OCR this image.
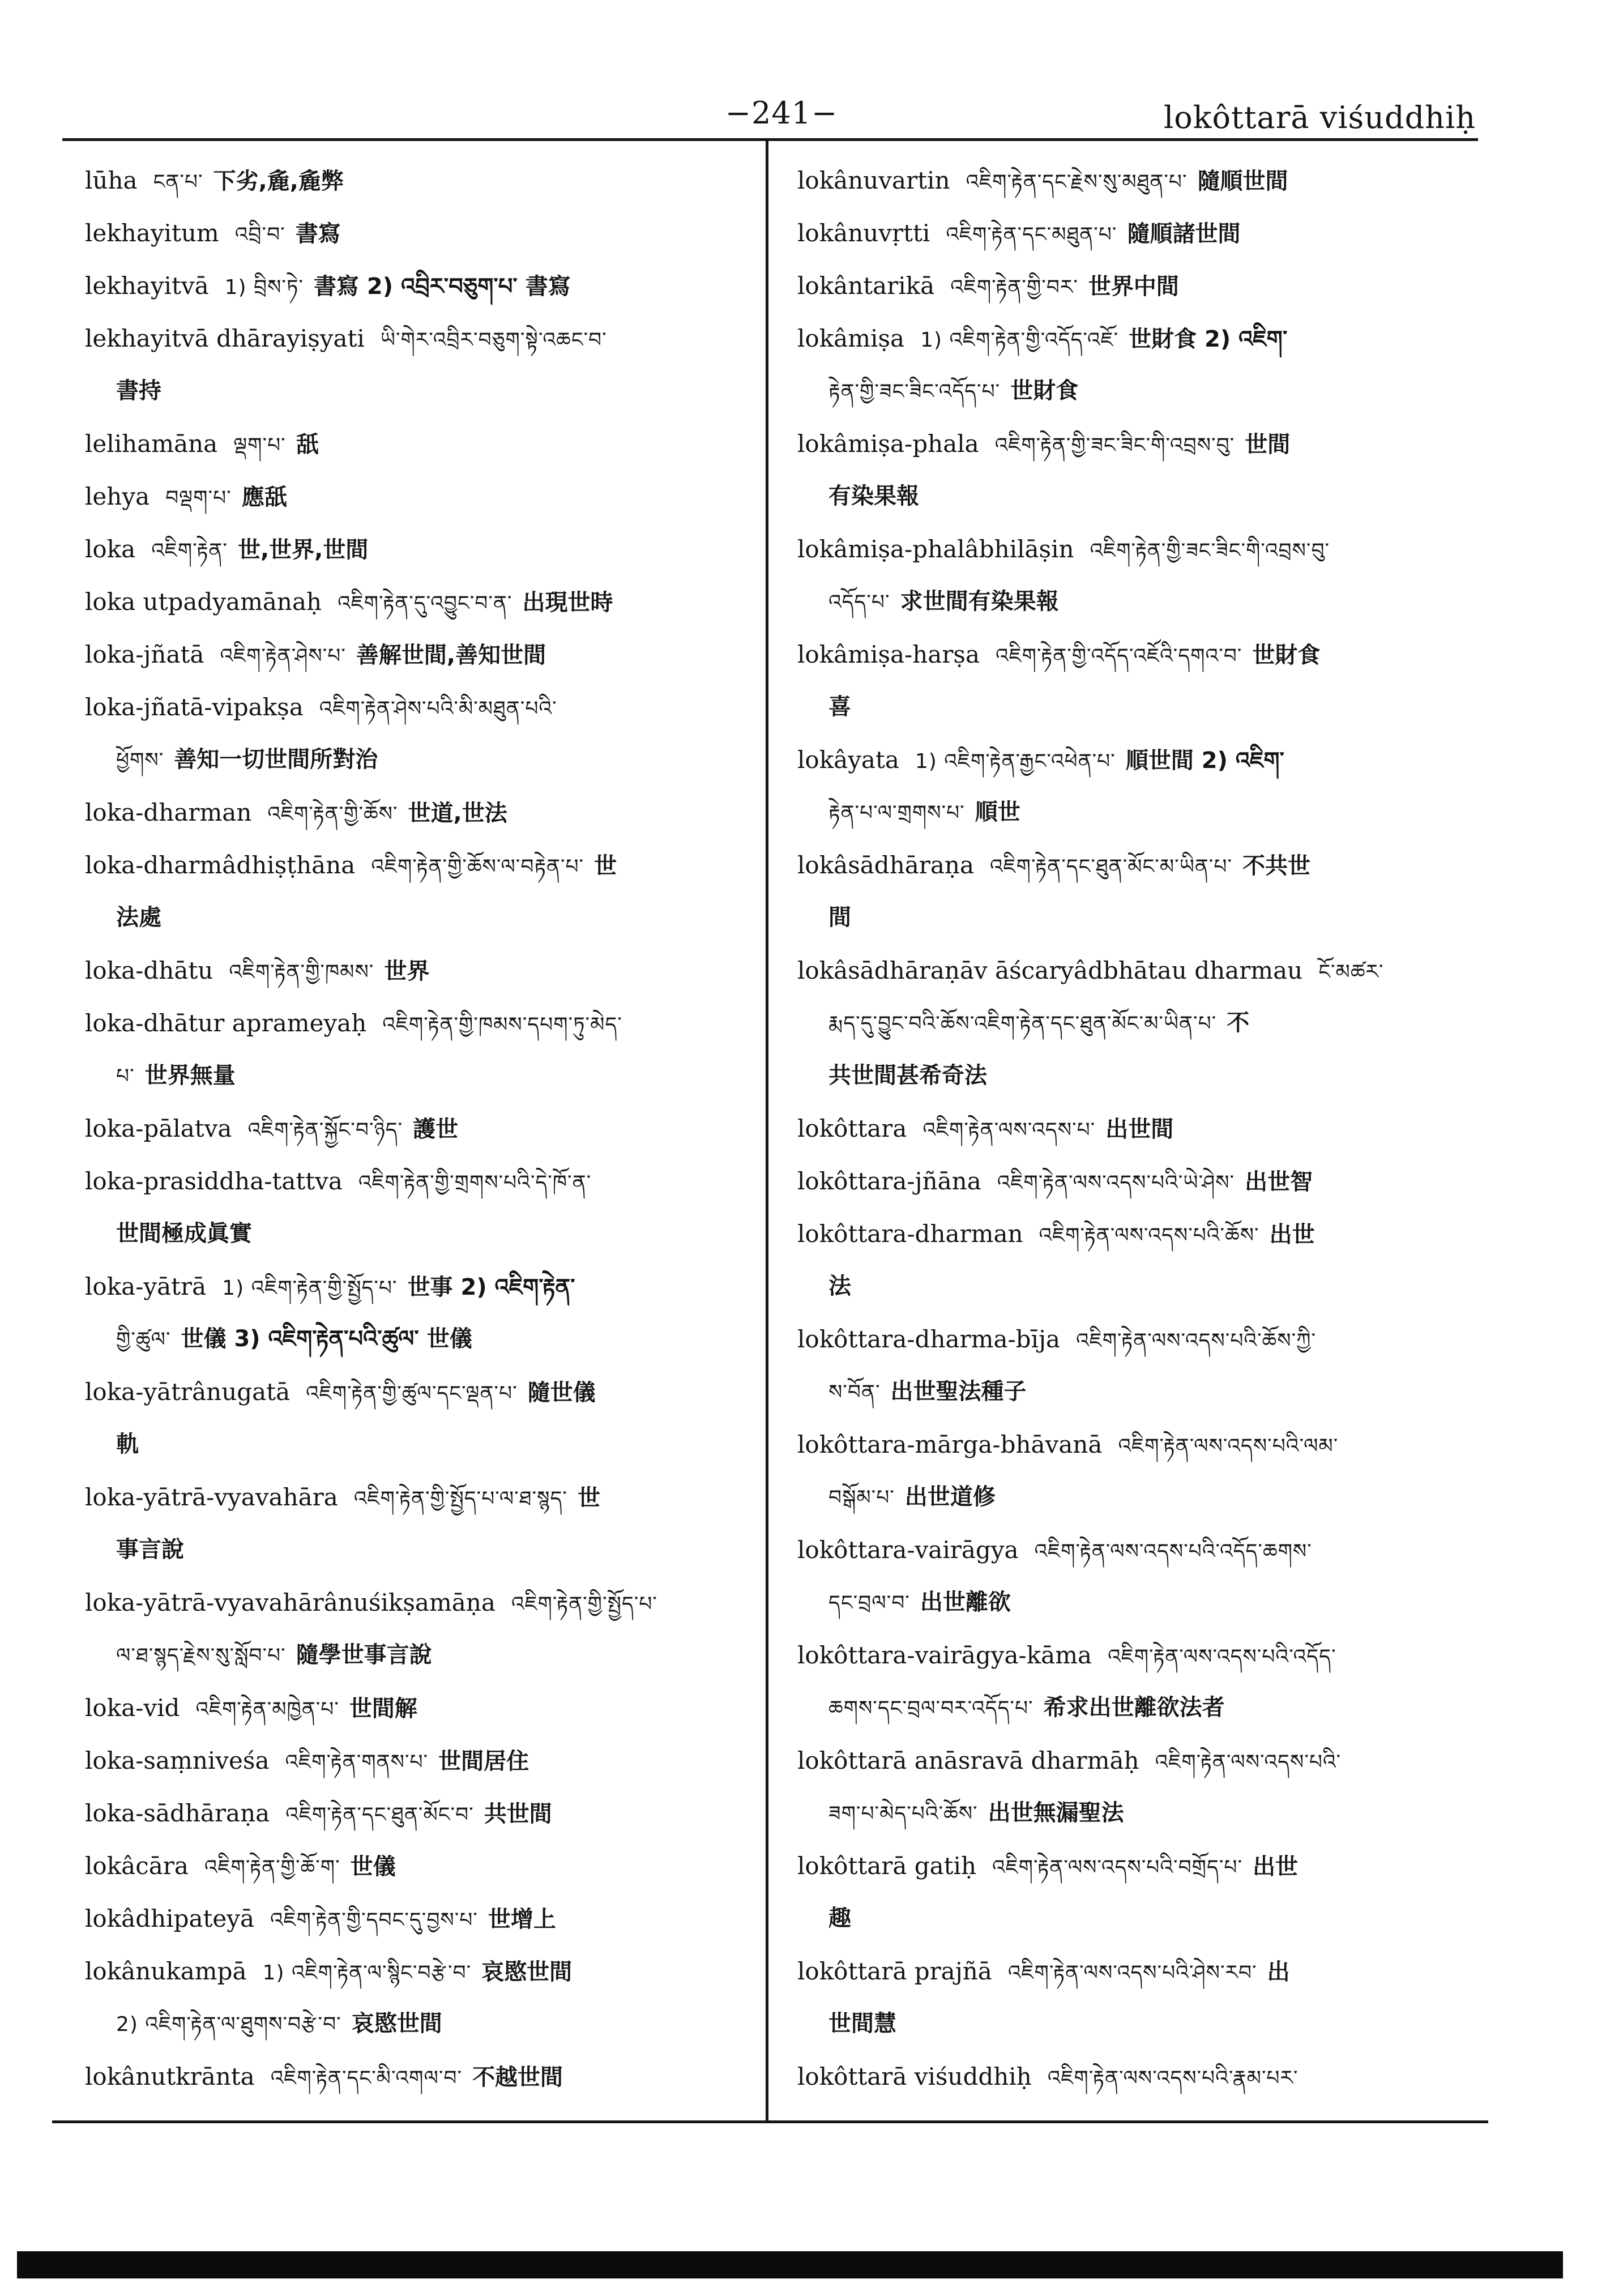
−241−	lokôttarā viśuddhiḥ
lūha ངན་པ་ 下劣,麁,麁弊
lekhayitum འབྲི་བ་ 書寫
lekhayitvā 1) བྲིས་ཏེ་ 書寫 2) འབྲིར་བཅུག་པ་ 書寫
lekhayitvā dhārayiṣyati ཡི་གེར་འབྲིར་བཅུག་སྟེ་འཆང་བ་
書持
lelihamāna ལྡག་པ་ 舐
lehya བལྡག་པ་ 應舐
loka འཇིག་རྟེན་ 世,世界,世間
loka utpadyamānaḥ འཇིག་རྟེན་དུ་འབྱུང་བ་ན་ 出現世時
loka-jñatā འཇིག་རྟེན་ཤེས་པ་ 善解世間,善知世間
loka-jñatā-vipakṣa འཇིག་རྟེན་ཤེས་པའི་མི་མཐུན་པའི་
ཕྱོགས་ 善知一切世間所對治
loka-dharman འཇིག་རྟེན་གྱི་ཆོས་ 世道,世法
loka-dharmâdhiṣṭhāna འཇིག་རྟེན་གྱི་ཆོས་ལ་བརྟེན་པ་ 世
法處
loka-dhātu འཇིག་རྟེན་གྱི་ཁམས་ 世界
loka-dhātur aprameyaḥ འཇིག་རྟེན་གྱི་ཁམས་དཔག་ཏུ་མེད་
པ་ 世界無量
loka-pālatva འཇིག་རྟེན་སྐྱོང་བ་ཉིད་ 護世
loka-prasiddha-tattva འཇིག་རྟེན་གྱི་གྲགས་པའི་དེ་ཁོ་ན་
世間極成眞實
loka-yātrā 1) འཇིག་རྟེན་གྱི་སྤྱོད་པ་ 世事 2) འཇིག་རྟེན་
གྱི་ཚུལ་ 世儀 3) འཇིག་རྟེན་པའི་ཚུལ་ 世儀
loka-yātrânugatā འཇིག་རྟེན་གྱི་ཚུལ་དང་ལྡན་པ་ 隨世儀
軌
loka-yātrā-vyavahāra འཇིག་རྟེན་གྱི་སྤྱོད་པ་ལ་ཐ་སྙད་ 世
事言說
loka-yātrā-vyavahārânuśikṣamāṇa འཇིག་རྟེན་གྱི་སྤྱོད་པ་
ལ་ཐ་སྙད་རྗེས་སུ་སློབ་པ་ 隨學世事言說
loka-vid འཇིག་རྟེན་མཁྱེན་པ་ 世間解
loka-saṃniveśa འཇིག་རྟེན་གནས་པ་ 世間居住
loka-sādhāraṇa འཇིག་རྟེན་དང་ཐུན་མོང་བ་ 共世間
lokâcāra འཇིག་རྟེན་གྱི་ཆོ་ག་ 世儀
lokâdhipateyā འཇིག་རྟེན་གྱི་དབང་དུ་བྱས་པ་ 世增上
lokânukampā 1) འཇིག་རྟེན་ལ་སྙིང་བརྩེ་བ་ 哀愍世間
2) འཇིག་རྟེན་ལ་ཐུགས་བརྩེ་བ་ 哀愍世間
lokânutkrānta འཇིག་རྟེན་དང་མི་འགལ་བ་ 不越世間
lokânuvartin འཇིག་རྟེན་དང་རྗེས་སུ་མཐུན་པ་ 隨順世間
lokânuvṛtti འཇིག་རྟེན་དང་མཐུན་པ་ 隨順諸世間
lokântarikā འཇིག་རྟེན་གྱི་བར་ 世界中間
lokâmiṣa 1) འཇིག་རྟེན་གྱི་འདོད་འཇོ་ 世財食 2) འཇིག་
རྟེན་གྱི་ཟང་ཟིང་འདོད་པ་ 世財食
lokâmiṣa-phala འཇིག་རྟེན་གྱི་ཟང་ཟིང་གི་འབྲས་བུ་ 世間
有染果報
lokâmiṣa-phalâbhilāṣin འཇིག་རྟེན་གྱི་ཟང་ཟིང་གི་འབྲས་བུ་
འདོད་པ་ 求世間有染果報
lokâmiṣa-harṣa འཇིག་རྟེན་གྱི་འདོད་འཇོའི་དགའ་བ་ 世財食
喜
lokâyata 1) འཇིག་རྟེན་རྒྱང་འཕེན་པ་ 順世間 2) འཇིག་
རྟེན་པ་ལ་གྲགས་པ་ 順世
lokâsādhāraṇa འཇིག་རྟེན་དང་ཐུན་མོང་མ་ཡིན་པ་ 不共世
間
lokâsādhāraṇāv āścaryâdbhātau dharmau ངོ་མཚར་
རྨད་དུ་བྱུང་བའི་ཆོས་འཇིག་རྟེན་དང་ཐུན་མོང་མ་ཡིན་པ་ 不
共世間甚希奇法
lokôttara འཇིག་རྟེན་ལས་འདས་པ་ 出世間
lokôttara-jñāna འཇིག་རྟེན་ལས་འདས་པའི་ཡེ་ཤེས་ 出世智
lokôttara-dharman འཇིག་རྟེན་ལས་འདས་པའི་ཆོས་ 出世
法
lokôttara-dharma-bīja འཇིག་རྟེན་ལས་འདས་པའི་ཆོས་ཀྱི་
ས་བོན་ 出世聖法種子
lokôttara-mārga-bhāvanā འཇིག་རྟེན་ལས་འདས་པའི་ལམ་
བསྒོམ་པ་ 出世道修
lokôttara-vairāgya འཇིག་རྟེན་ལས་འདས་པའི་འདོད་ཆགས་
དང་བྲལ་བ་ 出世離欲
lokôttara-vairāgya-kāma འཇིག་རྟེན་ལས་འདས་པའི་འདོད་
ཆགས་དང་བྲལ་བར་འདོད་པ་ 希求出世離欲法者
lokôttarā anāsravā dharmāḥ འཇིག་རྟེན་ལས་འདས་པའི་
ཟག་པ་མེད་པའི་ཆོས་ 出世無漏聖法
lokôttarā gatiḥ འཇིག་རྟེན་ལས་འདས་པའི་བགྲོད་པ་ 出世
趣
lokôttarā prajñā འཇིག་རྟེན་ལས་འདས་པའི་ཤེས་རབ་ 出
世間慧
lokôttarā viśuddhiḥ འཇིག་རྟེན་ལས་འདས་པའི་རྣམ་པར་
